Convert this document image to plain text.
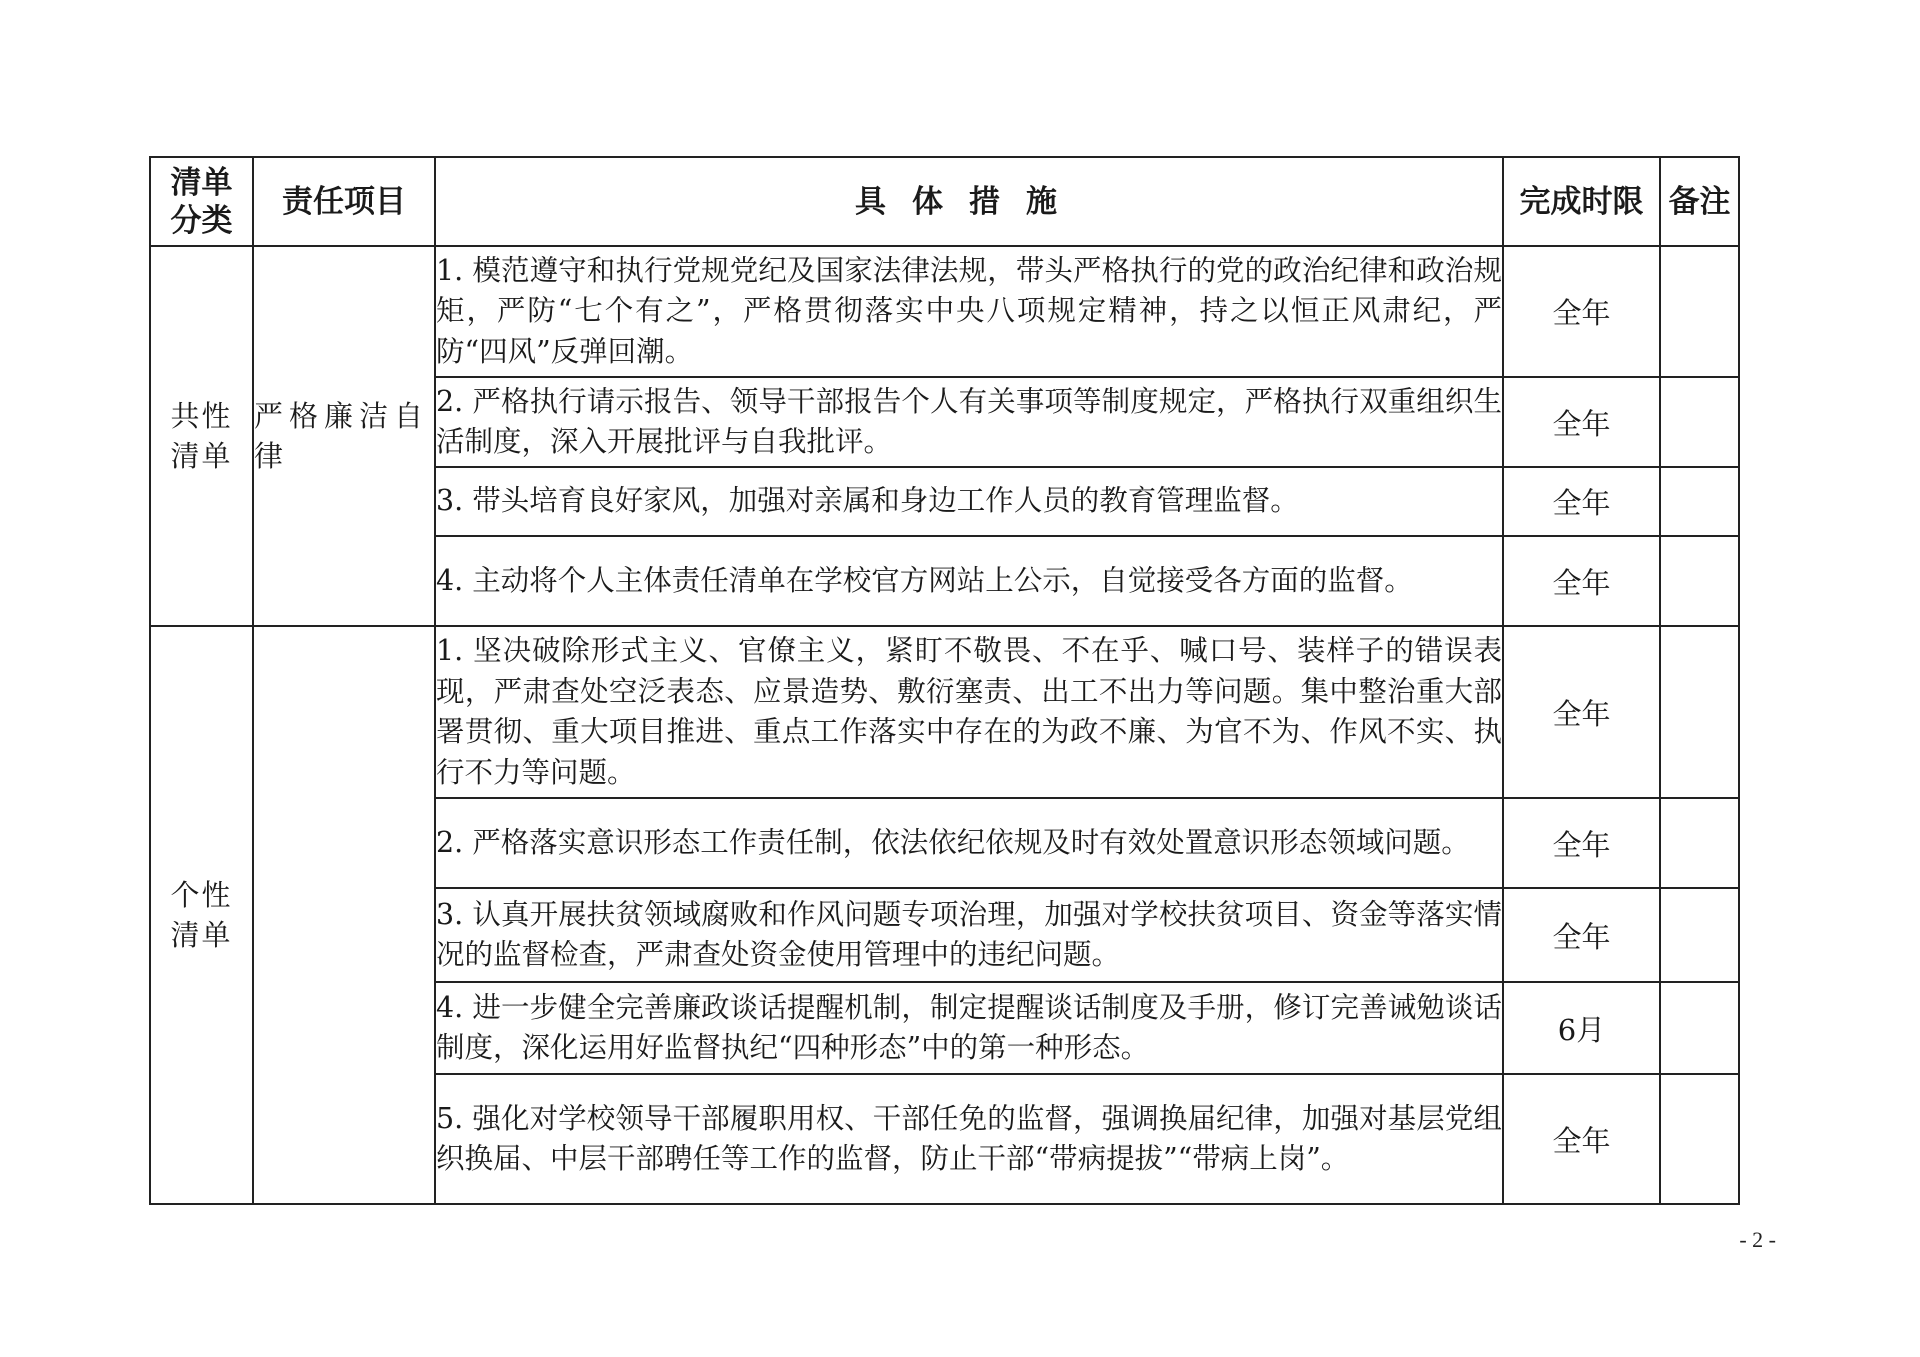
清单
分类	责任项目	具体措施	完成时限	备注

共性
清单	严格廉洁自律	1. 模范遵守和执行党规党纪及国家法律法规，带头严格执行的党的政治纪律和政治规矩，严防“七个有之”，严格贯彻落实中央八项规定精神，持之以恒正风肃纪，严防“四风”反弹回潮。	全年	
		2. 严格执行请示报告、领导干部报告个人有关事项等制度规定，严格执行双重组织生活制度，深入开展批评与自我批评。	全年	
		3. 带头培育良好家风，加强对亲属和身边工作人员的教育管理监督。	全年	
		4. 主动将个人主体责任清单在学校官方网站上公示，自觉接受各方面的监督。	全年	

个性
清单		1. 坚决破除形式主义、官僚主义，紧盯不敬畏、不在乎、喊口号、装样子的错误表现，严肃查处空泛表态、应景造势、敷衍塞责、出工不出力等问题。集中整治重大部署贯彻、重大项目推进、重点工作落实中存在的为政不廉、为官不为、作风不实、执行不力等问题。	全年	
		2. 严格落实意识形态工作责任制，依法依纪依规及时有效处置意识形态领域问题。	全年	
		3. 认真开展扶贫领域腐败和作风问题专项治理，加强对学校扶贫项目、资金等落实情况的监督检查，严肃查处资金使用管理中的违纪问题。	全年	
		4. 进一步健全完善廉政谈话提醒机制，制定提醒谈话制度及手册，修订完善诫勉谈话制度，深化运用好监督执纪“四种形态”中的第一种形态。	6月	
		5. 强化对学校领导干部履职用权、干部任免的监督，强调换届纪律，加强对基层党组织换届、中层干部聘任等工作的监督，防止干部“带病提拔”“带病上岗”。	全年	
- 2 -
